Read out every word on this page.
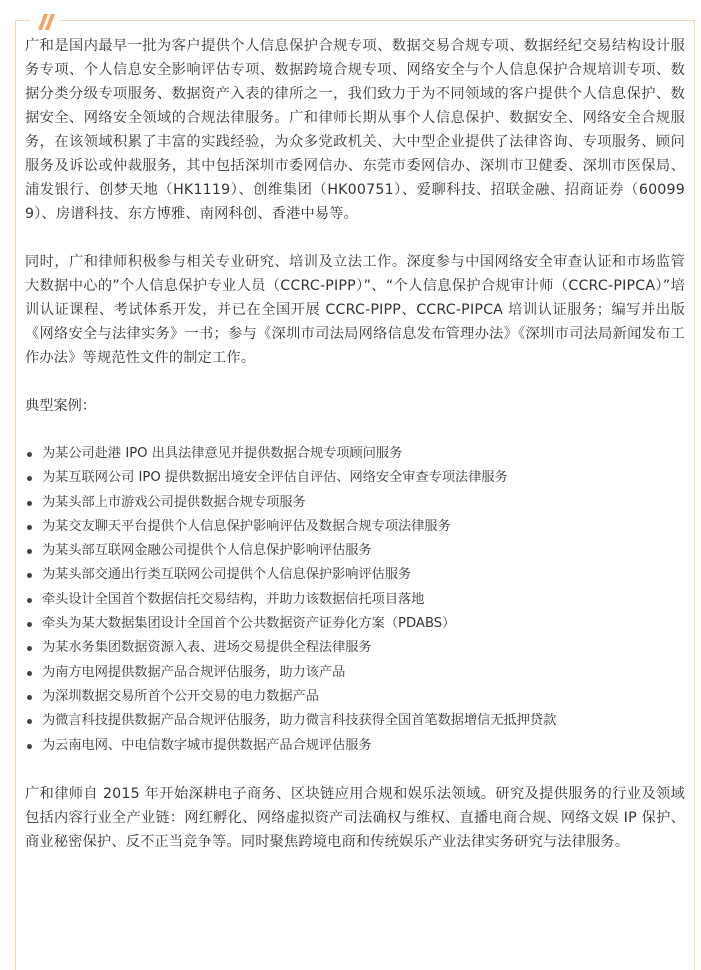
广和是国内最早一批为客户提供个人信息保护合规专项、数据交易合规专项、数据经纪交易结构设计服务专项、个人信息安全影响评估专项、数据跨境合规专项、网络安全与个人信息保护合规培训专项、数据分类分级专项服务、数据资产入表的律所之一，我们致力于为不同领域的客户提供个人信息保护、数据安全、网络安全领域的合规法律服务。广和律师长期从事个人信息保护、数据安全、网络安全合规服务，在该领域积累了丰富的实践经验，为众多党政机关、大中型企业提供了法律咨询、专项服务、顾问服务及诉讼或仲裁服务，其中包括深圳市委网信办、东莞市委网信办、深圳市卫健委、深圳市医保局、浦发银行、创梦天地（HK1119）、创维集团（HK00751）、爱聊科技、招联金融、招商证券（600999）、房谱科技、东方博雅、南网科创、香港中易等。

同时，广和律师积极参与相关专业研究、培训及立法工作。深度参与中国网络安全审查认证和市场监管大数据中心的”个人信息保护专业人员（CCRC-PIPP）”、“个人信息保护合规审计师（CCRC-PIPCA）”培训认证课程、考试体系开发，并已在全国开展 CCRC-PIPP、CCRC-PIPCA 培训认证服务；编写并出版《网络安全与法律实务》一书；参与《深圳市司法局网络信息发布管理办法》《深圳市司法局新闻发布工作办法》等规范性文件的制定工作。

典型案例：

为某公司赴港 IPO 出具法律意见并提供数据合规专项顾问服务
为某互联网公司 IPO 提供数据出境安全评估自评估、网络安全审查专项法律服务
为某头部上市游戏公司提供数据合规专项服务
为某交友聊天平台提供个人信息保护影响评估及数据合规专项法律服务
为某头部互联网金融公司提供个人信息保护影响评估服务
为某头部交通出行类互联网公司提供个人信息保护影响评估服务
牵头设计全国首个数据信托交易结构，并助力该数据信托项目落地
牵头为某大数据集团设计全国首个公共数据资产证券化方案（PDABS）
为某水务集团数据资源入表、进场交易提供全程法律服务
为南方电网提供数据产品合规评估服务，助力该产品
为深圳数据交易所首个公开交易的电力数据产品
为微言科技提供数据产品合规评估服务，助力微言科技获得全国首笔数据增信无抵押贷款
为云南电网、中电信数字城市提供数据产品合规评估服务

广和律师自 2015 年开始深耕电子商务、区块链应用合规和娱乐法领域。研究及提供服务的行业及领域包括内容行业全产业链：网红孵化、网络虚拟资产司法确权与维权、直播电商合规、网络文娱 IP 保护、商业秘密保护、反不正当竞争等。同时聚焦跨境电商和传统娱乐产业法律实务研究与法律服务。
